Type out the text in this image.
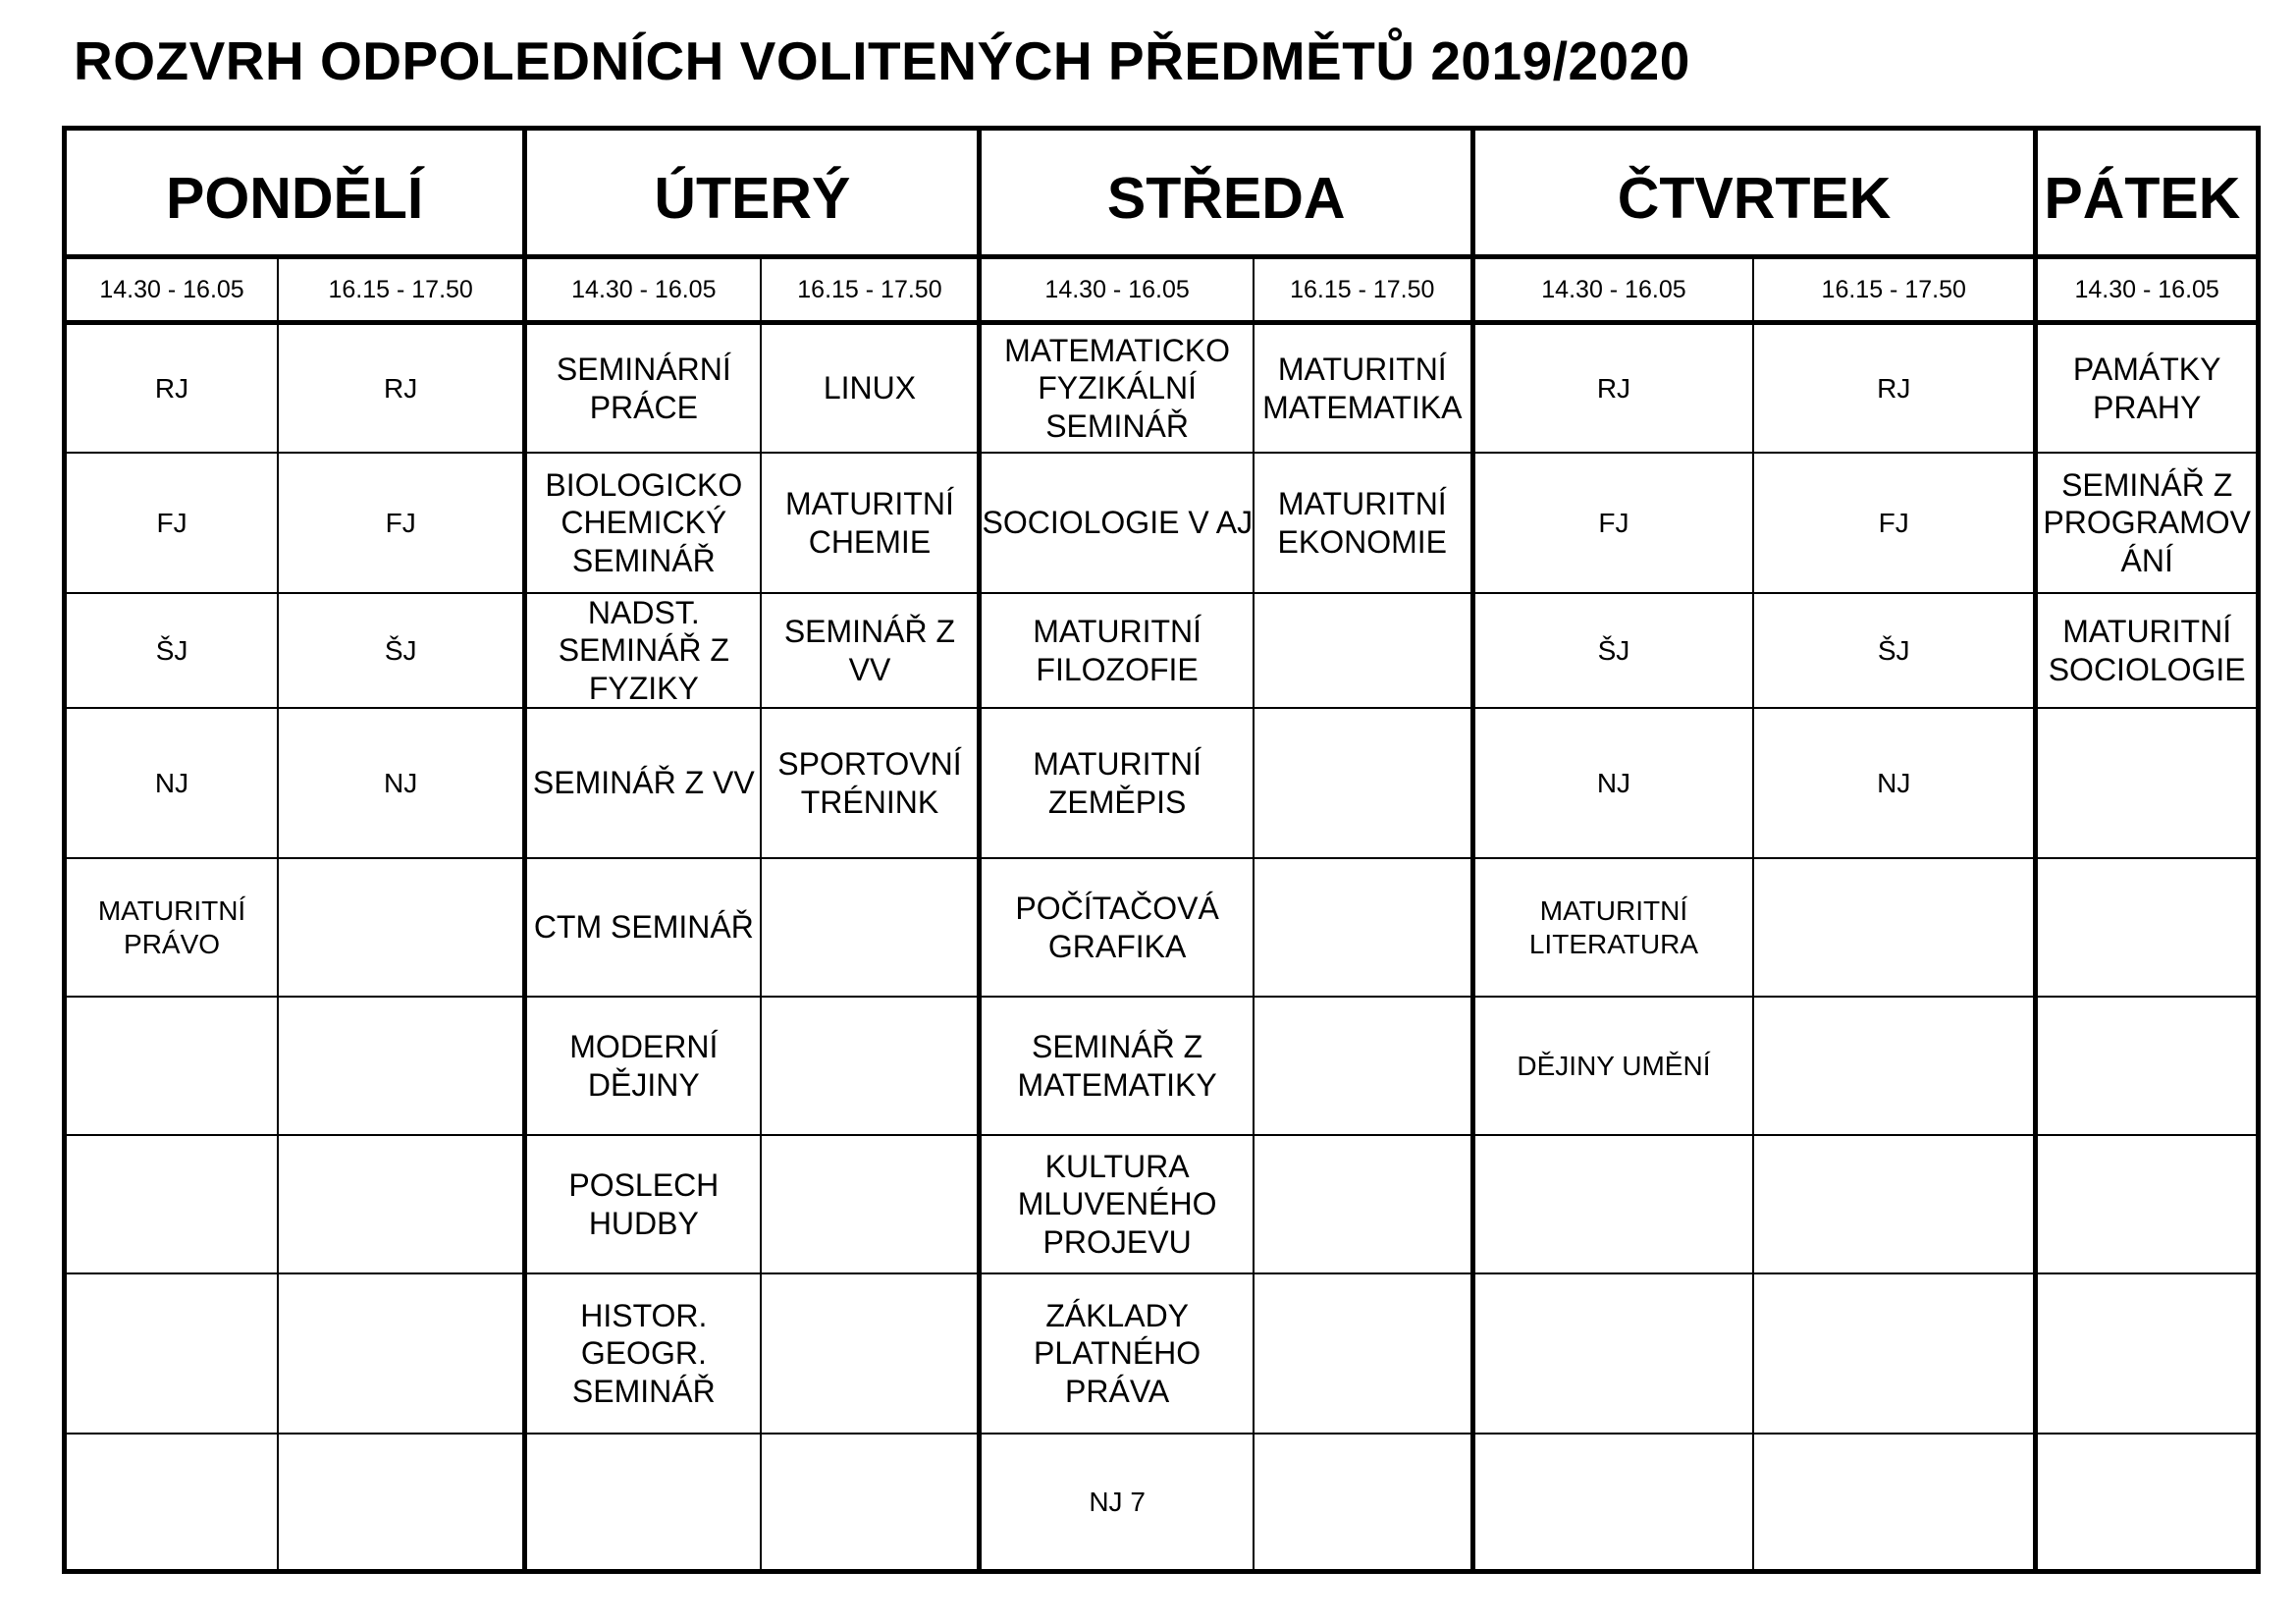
ROZVRH ODPOLEDNÍCH VOLITENÝCH PŘEDMĚTŮ 2019/2020
PONDĚLÍ		ÚTERÝ		STŘEDA		ČTVRTEK		PÁTEK
14.30 - 16.05	16.15 - 17.50	14.30 - 16.05	16.15 - 17.50	14.30 - 16.05	16.15 - 17.50	14.30 - 16.05	16.15 - 17.50	14.30 - 16.05
RJ	RJ	SEMINÁRNÍ PRÁCE	LINUX	MATEMATICKO FYZIKÁLNÍ SEMINÁŘ	MATURITNÍ MATEMATIKA	RJ	RJ	PAMÁTKY PRAHY
FJ	FJ	BIOLOGICKO CHEMICKÝ SEMINÁŘ	MATURITNÍ CHEMIE	SOCIOLOGIE V AJ	MATURITNÍ EKONOMIE	FJ	FJ	SEMINÁŘ Z PROGRAMOV ÁNÍ
ŠJ	ŠJ	NADST. SEMINÁŘ Z FYZIKY	SEMINÁŘ Z VV	MATURITNÍ FILOZOFIE		ŠJ	ŠJ	MATURITNÍ SOCIOLOGIE
NJ	NJ	SEMINÁŘ Z VV	SPORTOVNÍ TRÉNINK	MATURITNÍ ZEMĚPIS		NJ	NJ	
MATURITNÍ PRÁVO		CTM SEMINÁŘ		POČÍTAČOVÁ GRAFIKA		MATURITNÍ LITERATURA		
		MODERNÍ DĚJINY		SEMINÁŘ Z MATEMATIKY		DĚJINY UMĚNÍ		
		POSLECH HUDBY		KULTURA MLUVENÉHO PROJEVU				
		HISTOR. GEOGR. SEMINÁŘ		ZÁKLADY PLATNÉHO PRÁVA				
				NJ 7				
